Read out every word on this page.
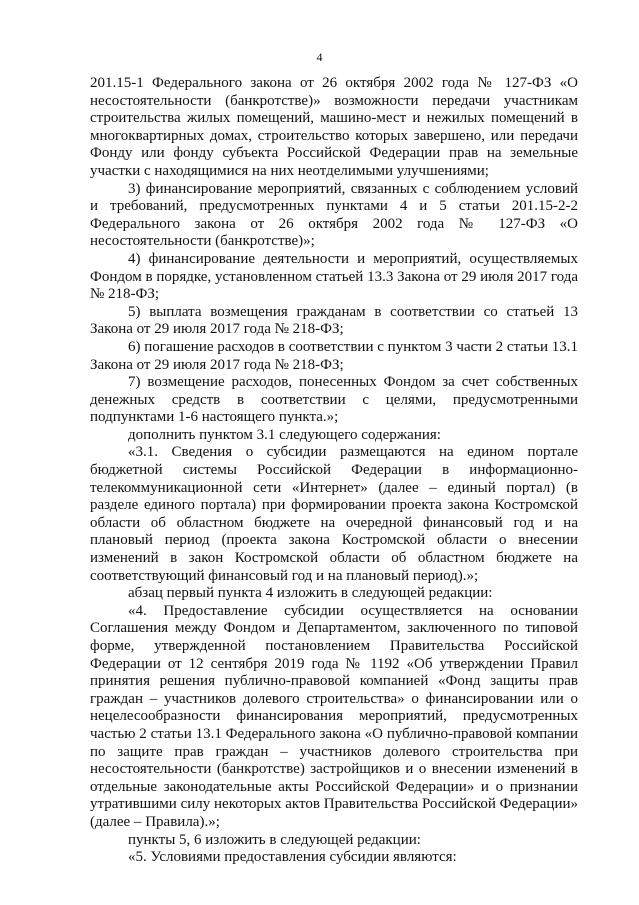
4

201.15-1 Федерального закона от 26 октября 2002 года № 127-ФЗ «О несостоятельности (банкротстве)» возможности передачи участникам строительства жилых помещений, машино-мест и нежилых помещений в многоквартирных домах, строительство которых завершено, или передачи Фонду или фонду субъекта Российской Федерации прав на земельные участки с находящимися на них неотделимыми улучшениями;

3) финансирование мероприятий, связанных с соблюдением условий и требований, предусмотренных пунктами 4 и 5 статьи 201.15-2-2 Федерального закона от 26 октября 2002 года № 127-ФЗ «О несостоятельности (банкротстве)»;

4) финансирование деятельности и мероприятий, осуществляемых Фондом в порядке, установленном статьей 13.3 Закона от 29 июля 2017 года № 218-ФЗ;

5) выплата возмещения гражданам в соответствии со статьей 13 Закона от 29 июля 2017 года № 218-ФЗ;

6) погашение расходов в соответствии с пунктом 3 части 2 статьи 13.1 Закона от 29 июля 2017 года № 218-ФЗ;

7) возмещение расходов, понесенных Фондом за счет собственных денежных средств в соответствии с целями, предусмотренными подпунктами 1-6 настоящего пункта.»;

дополнить пунктом 3.1 следующего содержания:

«3.1. Сведения о субсидии размещаются на едином портале бюджетной системы Российской Федерации в информационно-телекоммуникационной сети «Интернет» (далее – единый портал) (в разделе единого портала) при формировании проекта закона Костромской области об областном бюджете на очередной финансовый год и на плановый период (проекта закона Костромской области о внесении изменений в закон Костромской области об областном бюджете на соответствующий финансовый год и на плановый период).»;

абзац первый пункта 4 изложить в следующей редакции:

«4. Предоставление субсидии осуществляется на основании Соглашения между Фондом и Департаментом, заключенного по типовой форме, утвержденной постановлением Правительства Российской Федерации от 12 сентября 2019 года № 1192 «Об утверждении Правил принятия решения публично-правовой компанией «Фонд защиты прав граждан – участников долевого строительства» о финансировании или о нецелесообразности финансирования мероприятий, предусмотренных частью 2 статьи 13.1 Федерального закона «О публично-правовой компании по защите прав граждан – участников долевого строительства при несостоятельности (банкротстве) застройщиков и о внесении изменений в отдельные законодательные акты Российской Федерации» и о признании утратившими силу некоторых актов Правительства Российской Федерации» (далее – Правила).»;

пункты 5, 6 изложить в следующей редакции:

«5. Условиями предоставления субсидии являются:
